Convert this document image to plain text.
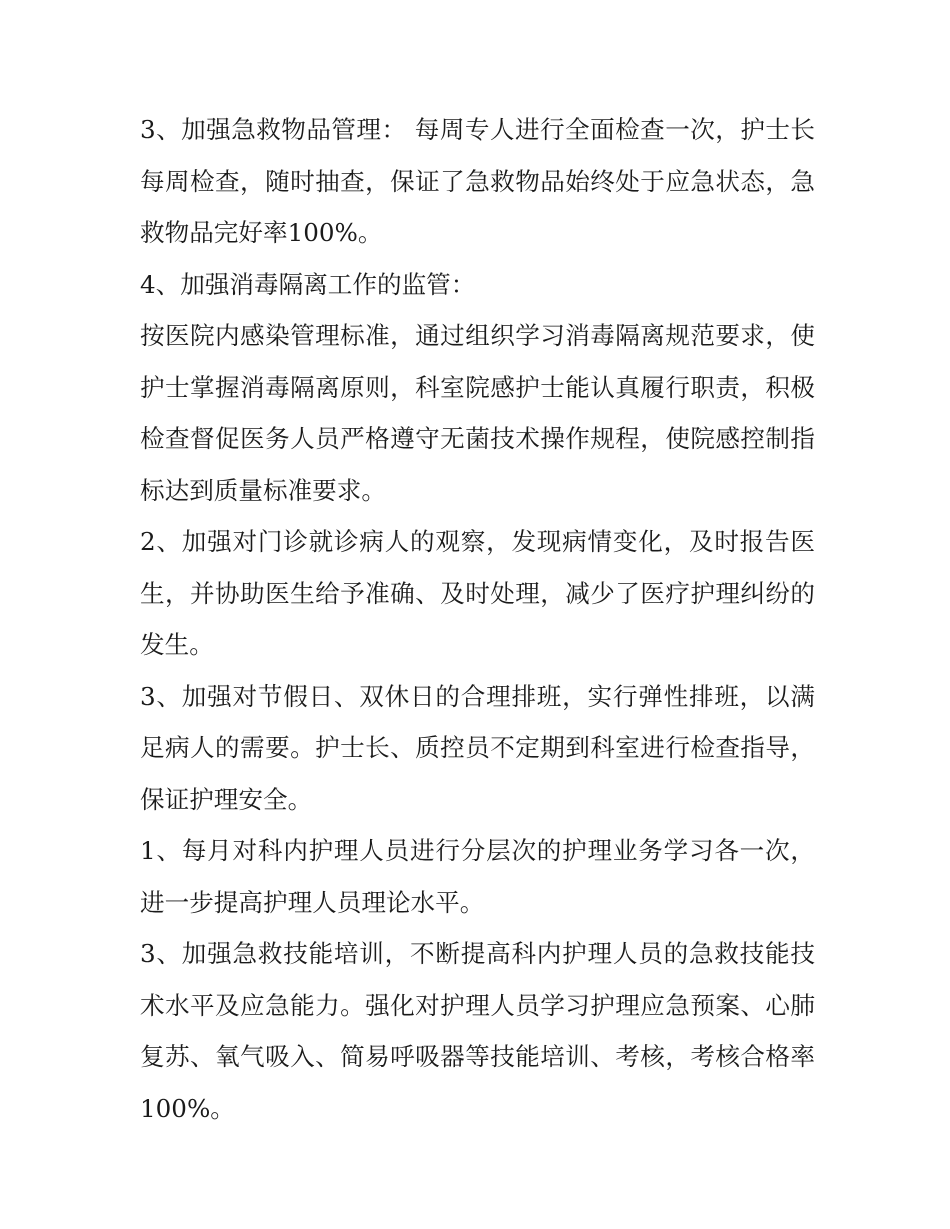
3、加强急救物品管理： 每周专人进行全面检查一次，护士长每周检查，随时抽查，保证了急救物品始终处于应急状态，急救物品完好率100%。

4、加强消毒隔离工作的监管：

按医院内感染管理标准，通过组织学习消毒隔离规范要求，使护士掌握消毒隔离原则，科室院感护士能认真履行职责，积极检查督促医务人员严格遵守无菌技术操作规程，使院感控制指标达到质量标准要求。

2、加强对门诊就诊病人的观察，发现病情变化，及时报告医生，并协助医生给予准确、及时处理，减少了医疗护理纠纷的发生。

3、加强对节假日、双休日的合理排班，实行弹性排班，以满足病人的需要。护士长、质控员不定期到科室进行检查指导，保证护理安全。

1、每月对科内护理人员进行分层次的护理业务学习各一次，进一步提高护理人员理论水平。

3、加强急救技能培训，不断提高科内护理人员的急救技能技术水平及应急能力。强化对护理人员学习护理应急预案、心肺复苏、氧气吸入、简易呼吸器等技能培训、考核，考核合格率100%。
